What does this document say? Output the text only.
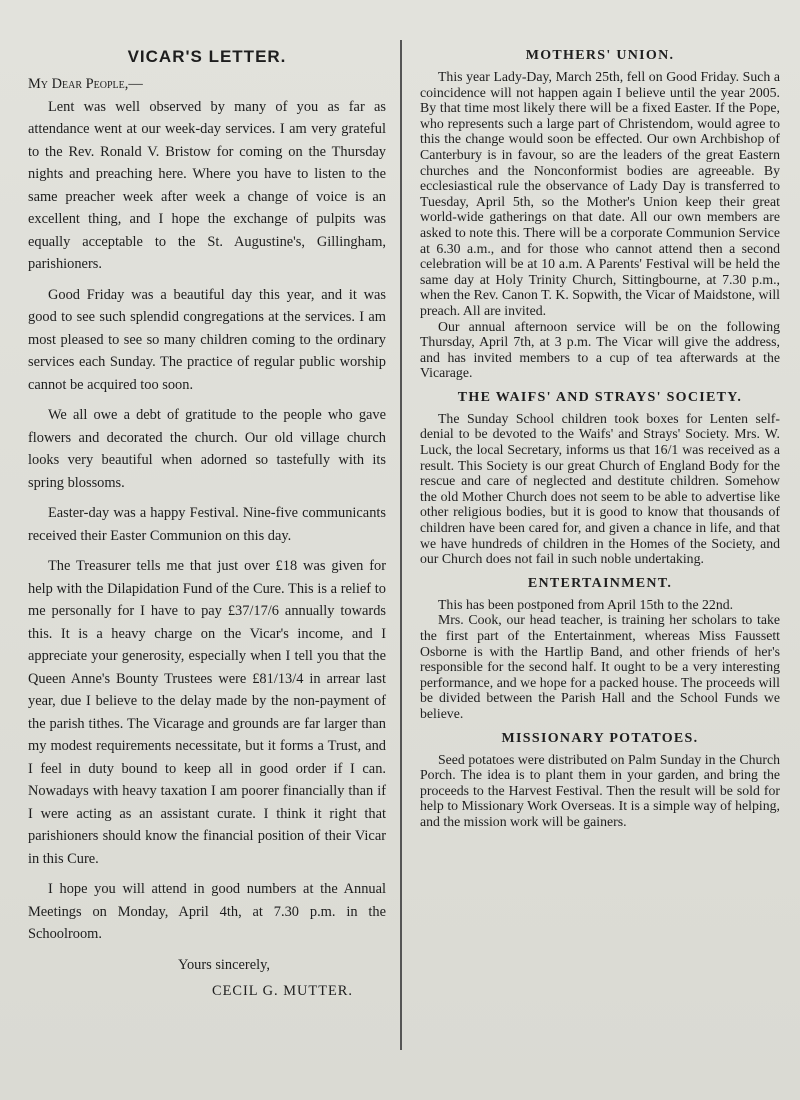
VICAR'S LETTER.

My Dear People,—

Lent was well observed by many of you as far as attendance went at our week-day services. I am very grateful to the Rev. Ronald V. Bristow for coming on the Thursday nights and preaching here. Where you have to listen to the same preacher week after week a change of voice is an excellent thing, and I hope the exchange of pulpits was equally acceptable to the St. Augustine's, Gillingham, parishioners.

Good Friday was a beautiful day this year, and it was good to see such splendid congregations at the services. I am most pleased to see so many children coming to the ordinary services each Sunday. The practice of regular public worship cannot be acquired too soon.

We all owe a debt of gratitude to the people who gave flowers and decorated the church. Our old village church looks very beautiful when adorned so tastefully with its spring blossoms.

Easter-day was a happy Festival. Nine-five communicants received their Easter Communion on this day.

The Treasurer tells me that just over £18 was given for help with the Dilapidation Fund of the Cure. This is a relief to me personally for I have to pay £37/17/6 annually towards this. It is a heavy charge on the Vicar's income, and I appreciate your generosity, especially when I tell you that the Queen Anne's Bounty Trustees were £81/13/4 in arrear last year, due I believe to the delay made by the non-payment of the parish tithes. The Vicarage and grounds are far larger than my modest requirements necessitate, but it forms a Trust, and I feel in duty bound to keep all in good order if I can. Nowadays with heavy taxation I am poorer financially than if I were acting as an assistant curate. I think it right that parishioners should know the financial position of their Vicar in this Cure.

I hope you will attend in good numbers at the Annual Meetings on Monday, April 4th, at 7.30 p.m. in the Schoolroom.

Yours sincerely,

CECIL G. MUTTER.

MOTHERS' UNION.

This year Lady-Day, March 25th, fell on Good Friday. Such a coincidence will not happen again I believe until the year 2005. By that time most likely there will be a fixed Easter. If the Pope, who represents such a large part of Christendom, would agree to this the change would soon be effected. Our own Archbishop of Canterbury is in favour, so are the leaders of the great Eastern churches and the Nonconformist bodies are agreeable. By ecclesiastical rule the observance of Lady Day is transferred to Tuesday, April 5th, so the Mother's Union keep their great world-wide gatherings on that date. All our own members are asked to note this. There will be a corporate Communion Service at 6.30 a.m., and for those who cannot attend then a second celebration will be at 10 a.m. A Parents' Festival will be held the same day at Holy Trinity Church, Sittingbourne, at 7.30 p.m., when the Rev. Canon T. K. Sopwith, the Vicar of Maidstone, will preach. All are invited.

Our annual afternoon service will be on the following Thursday, April 7th, at 3 p.m. The Vicar will give the address, and has invited members to a cup of tea afterwards at the Vicarage.

THE WAIFS' AND STRAYS' SOCIETY.

The Sunday School children took boxes for Lenten self-denial to be devoted to the Waifs' and Strays' Society. Mrs. W. Luck, the local Secretary, informs us that 16/1 was received as a result. This Society is our great Church of England Body for the rescue and care of neglected and destitute children. Somehow the old Mother Church does not seem to be able to advertise like other religious bodies, but it is good to know that thousands of children have been cared for, and given a chance in life, and that we have hundreds of children in the Homes of the Society, and our Church does not fail in such noble undertaking.

ENTERTAINMENT.

This has been postponed from April 15th to the 22nd.

Mrs. Cook, our head teacher, is training her scholars to take the first part of the Entertainment, whereas Miss Faussett Osborne is with the Hartlip Band, and other friends of her's responsible for the second half. It ought to be a very interesting performance, and we hope for a packed house. The proceeds will be divided between the Parish Hall and the School Funds we believe.

MISSIONARY POTATOES.

Seed potatoes were distributed on Palm Sunday in the Church Porch. The idea is to plant them in your garden, and bring the proceeds to the Harvest Festival. Then the result will be sold for help to Missionary Work Overseas. It is a simple way of helping, and the mission work will be gainers.
